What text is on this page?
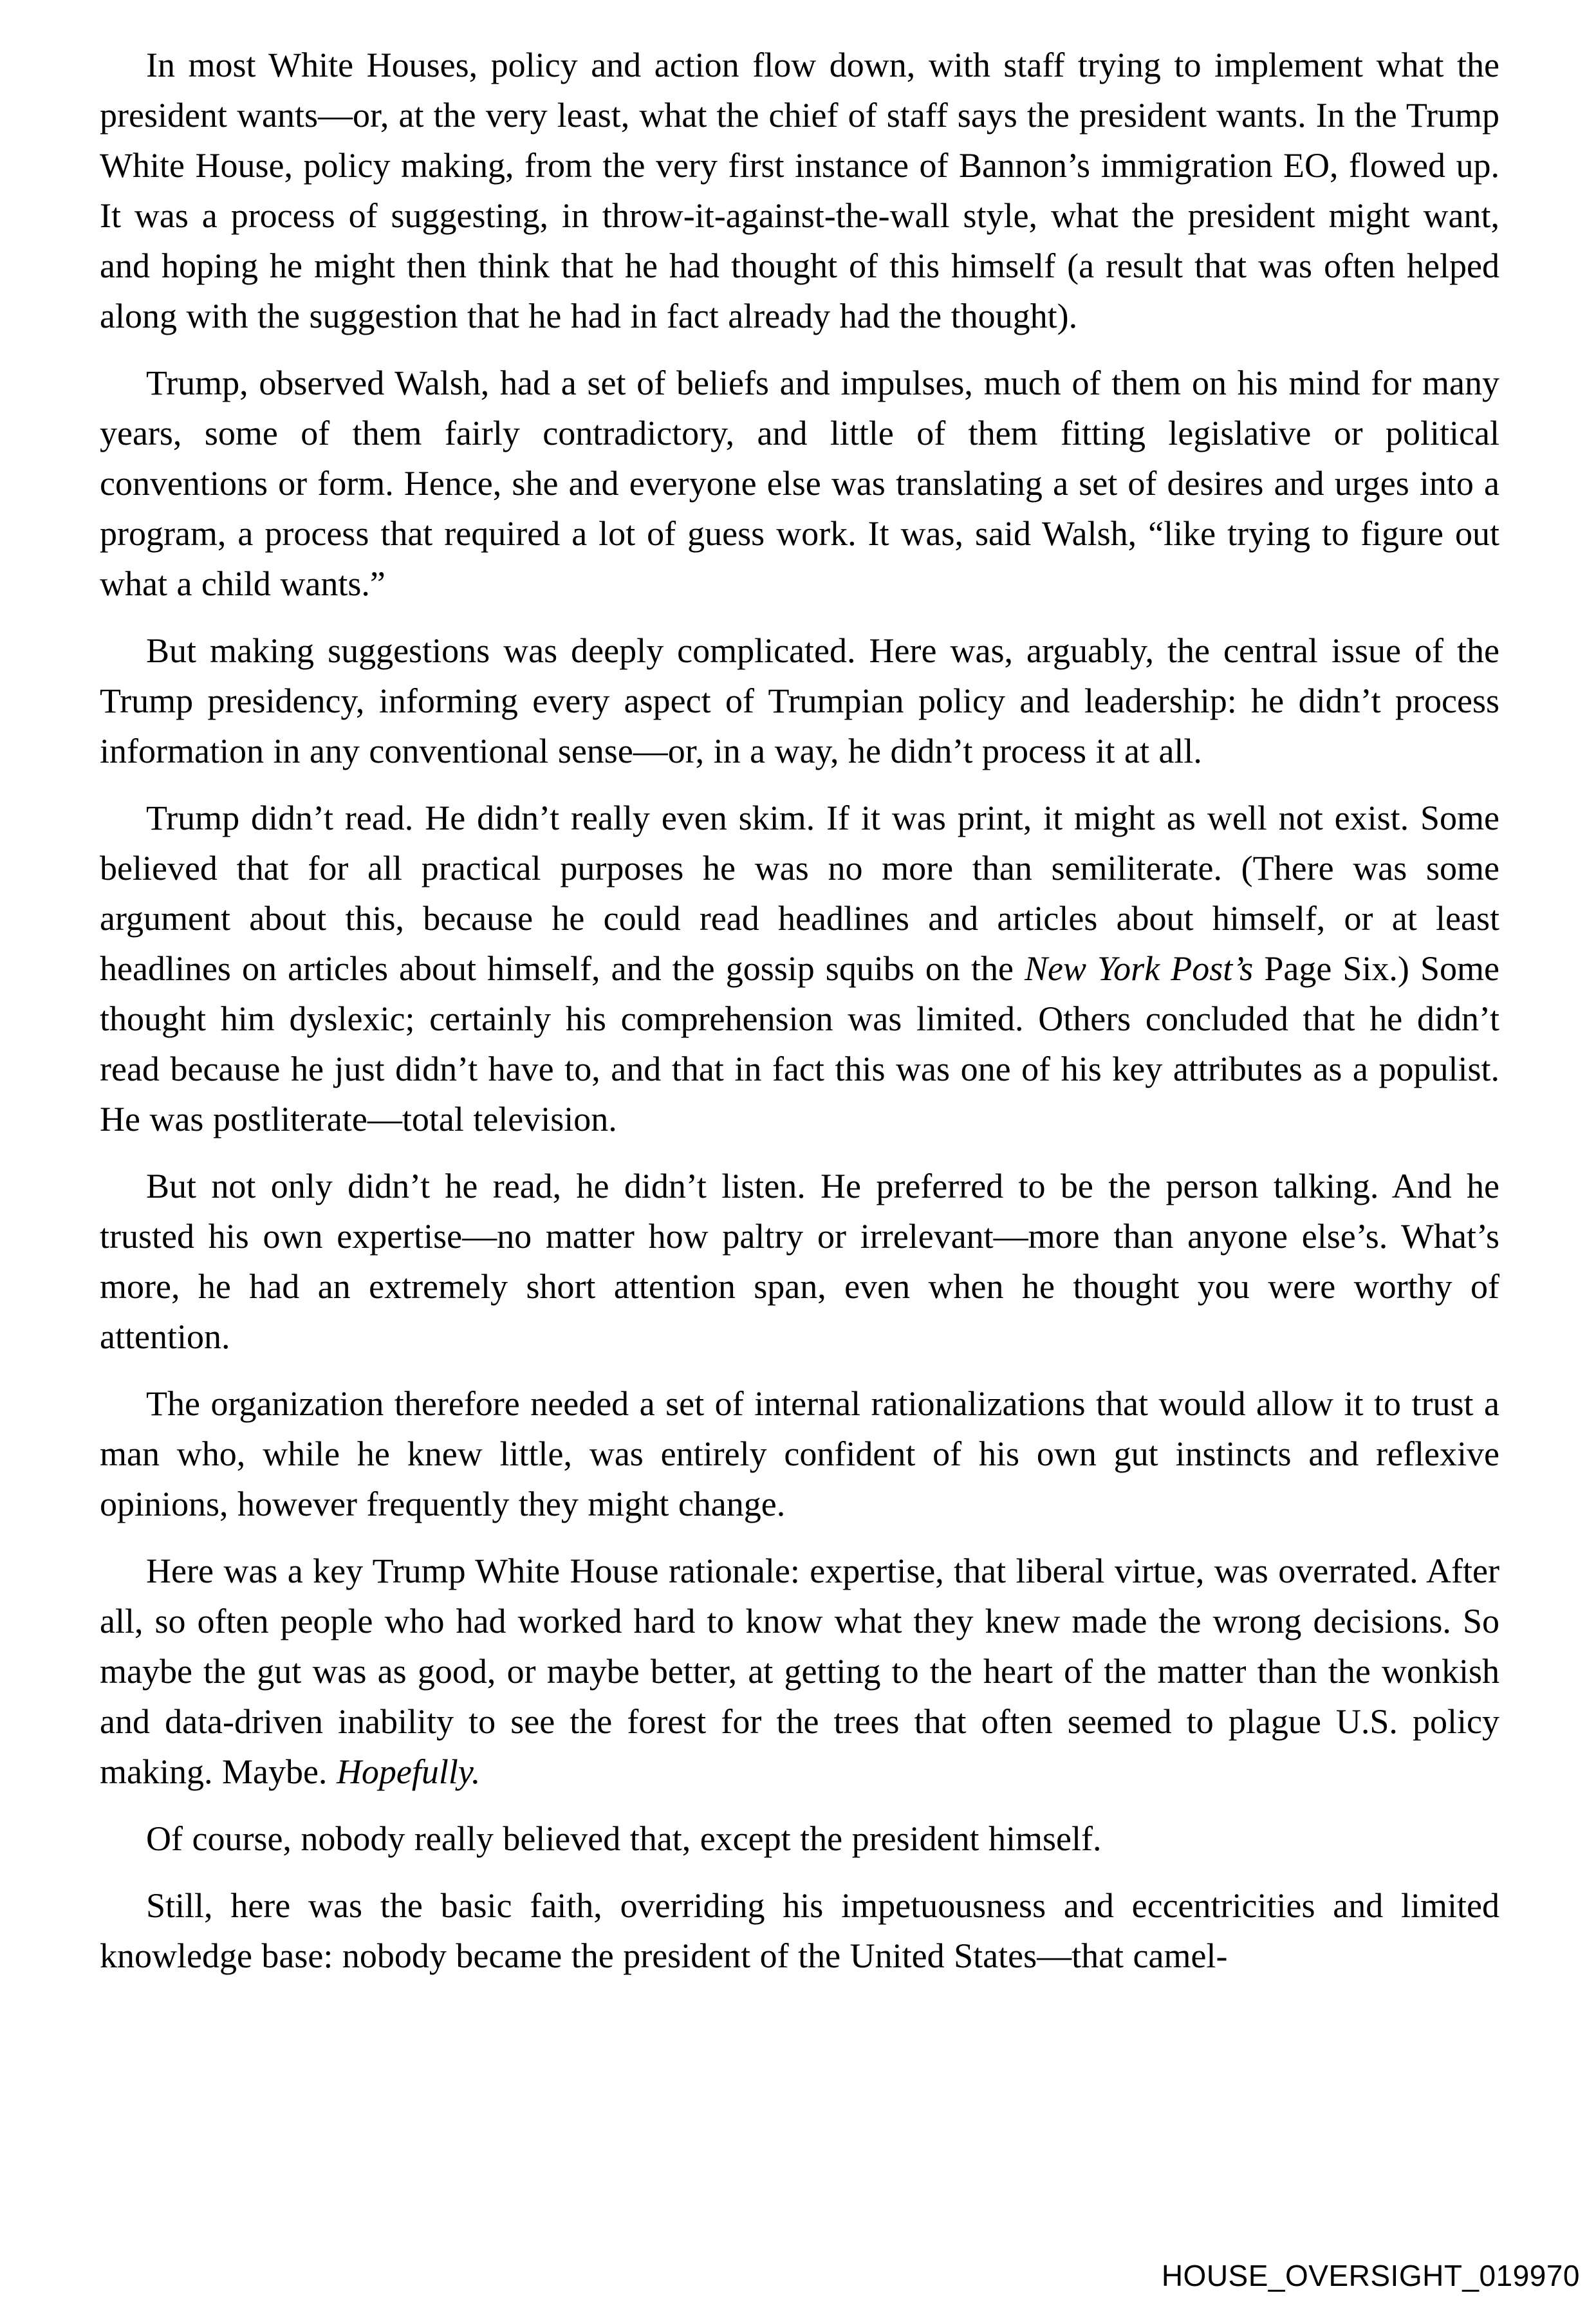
In most White Houses, policy and action flow down, with staff trying to implement what the president wants—or, at the very least, what the chief of staff says the president wants. In the Trump White House, policy making, from the very first instance of Bannon’s immigration EO, flowed up. It was a process of suggesting, in throw-it-against-the-wall style, what the president might want, and hoping he might then think that he had thought of this himself (a result that was often helped along with the suggestion that he had in fact already had the thought).

Trump, observed Walsh, had a set of beliefs and impulses, much of them on his mind for many years, some of them fairly contradictory, and little of them fitting legislative or political conventions or form. Hence, she and everyone else was translating a set of desires and urges into a program, a process that required a lot of guess work. It was, said Walsh, “like trying to figure out what a child wants.”

But making suggestions was deeply complicated. Here was, arguably, the central issue of the Trump presidency, informing every aspect of Trumpian policy and leadership: he didn’t process information in any conventional sense—or, in a way, he didn’t process it at all.

Trump didn’t read. He didn’t really even skim. If it was print, it might as well not exist. Some believed that for all practical purposes he was no more than semiliterate. (There was some argument about this, because he could read headlines and articles about himself, or at least headlines on articles about himself, and the gossip squibs on the New York Post’s Page Six.) Some thought him dyslexic; certainly his comprehension was limited. Others concluded that he didn’t read because he just didn’t have to, and that in fact this was one of his key attributes as a populist. He was postliterate—total television.

But not only didn’t he read, he didn’t listen. He preferred to be the person talking. And he trusted his own expertise—no matter how paltry or irrelevant—more than anyone else’s. What’s more, he had an extremely short attention span, even when he thought you were worthy of attention.

The organization therefore needed a set of internal rationalizations that would allow it to trust a man who, while he knew little, was entirely confident of his own gut instincts and reflexive opinions, however frequently they might change.

Here was a key Trump White House rationale: expertise, that liberal virtue, was overrated. After all, so often people who had worked hard to know what they knew made the wrong decisions. So maybe the gut was as good, or maybe better, at getting to the heart of the matter than the wonkish and data-driven inability to see the forest for the trees that often seemed to plague U.S. policy making. Maybe. Hopefully.

Of course, nobody really believed that, except the president himself.

Still, here was the basic faith, overriding his impetuousness and eccentricities and limited knowledge base: nobody became the president of the United States—that camel-

HOUSE_OVERSIGHT_019970
